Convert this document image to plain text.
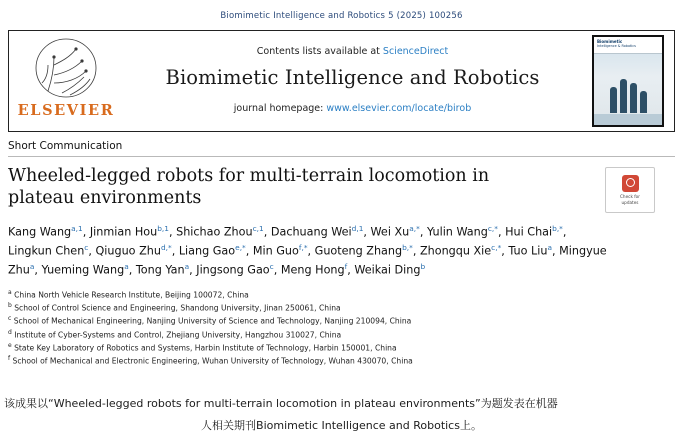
Biomimetic Intelligence and Robotics 5 (2025) 100256
ELSEVIER
Contents lists available at ScienceDirect
Biomimetic Intelligence and Robotics
journal homepage: www.elsevier.com/locate/birob
Biomimetic
Intelligence & Robotics
Short Communication
Wheeled-legged robots for multi-terrain locomotion in plateau environments	Check for
updates
Kang Wang$^{a,1}$, Jinmian Hou$^{b,1}$, Shichao Zhou$^{c,1}$, Dachuang Wei$^{d,1}$, Wei $Xu^{a,*}$, Yulin Wang$^{c,*}$, Hui Chai$^{b,*}$, Lingkun Chen$^c$, Qiuguo Zhu$^{d,*}$, Liang Gao$^{e,*}$, Min Guo$^{f,*}$, Guoteng Zhang$^{b,*}$, Zhongqu Xie$^{c,*}$, Tuo Liu$^a$, Mingyue Zhu$^a$, Yueming Wang$^a$, Tong Yan$^a$, Jingsong Gao$^c$, Meng Hong$^f$, Weikai Ding$^b$
$^a$ China North Vehicle Research Institute, Beijing 100072, China
$^b$ School of Control Science and Engineering, Shandong University, Jinan 250061, China
$^c$ School of Mechanical Engineering, Nanjing University of Science and Technology, Nanjing 210094, China
$^d$ Institute of Cyber-Systems and Control, Zhejiang University, Hangzhou 310027, China
$^e$ State Key Laboratory of Robotics and Systems, Harbin Institute of Technology, Harbin 150001, China
$^f$ School of Mechanical and Electronic Engineering, Wuhan University of Technology, Wuhan 430070, China
该成果以“Wheeled-legged robots for multi-terrain locomotion in plateau environments”为题发表在机器
人相关期刊Biomimetic Intelligence and Robotics上。
